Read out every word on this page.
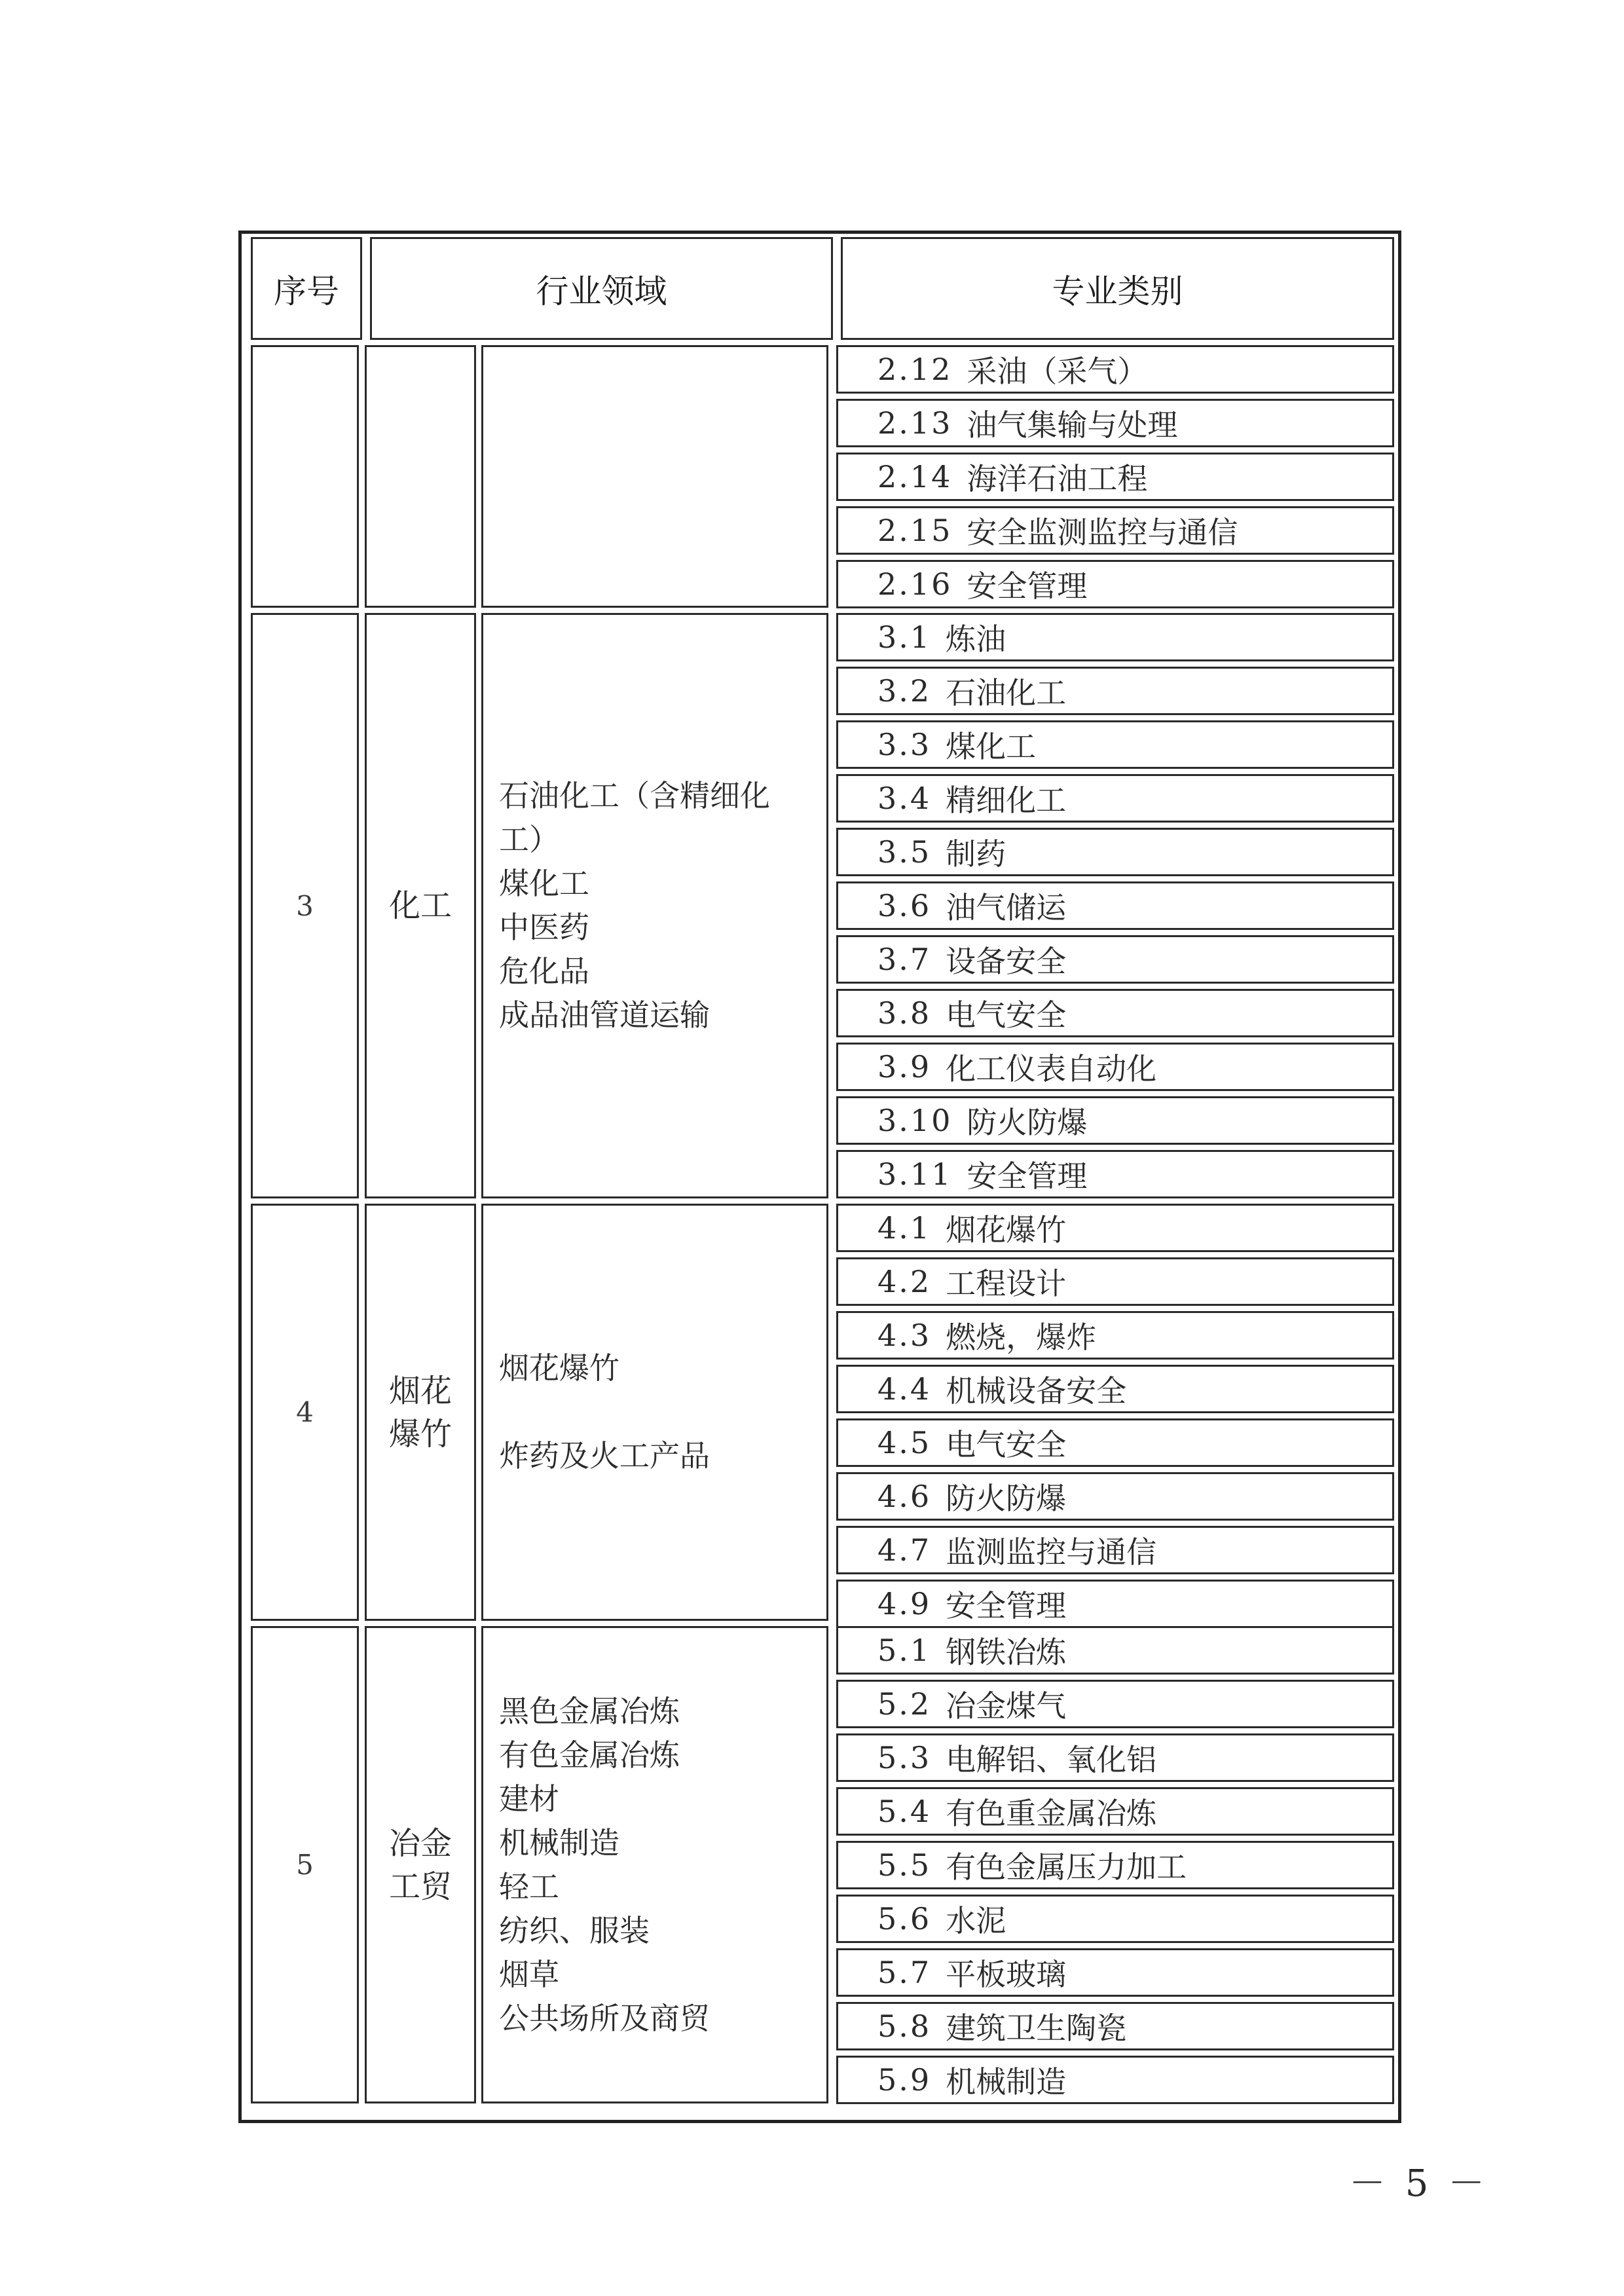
序号	行业领域	专业类别
2.12 采油（采气）
2.13 油气集输与处理
2.14 海洋石油工程
2.15 安全监测监控与通信
2.16 安全管理
3 化工
石油化工（含精细化
工）
煤化工
中医药
危化品
成品油管道运输
3.1 炼油
3.2 石油化工
3.3 煤化工
3.4 精细化工
3.5 制药
3.6 油气储运
3.7 设备安全
3.8 电气安全
3.9 化工仪表自动化
3.10 防火防爆
3.11 安全管理
4
烟花
爆竹
烟花爆竹

炸药及火工产品
4.1 烟花爆竹
4.2 工程设计
4.3 燃烧，爆炸
4.4 机械设备安全
4.5 电气安全
4.6 防火防爆
4.7 监测监控与通信
4.9 安全管理
5
冶金
工贸
黑色金属冶炼
有色金属冶炼
建材
机械制造
轻工
纺织、服装
烟草
公共场所及商贸
5.1 钢铁冶炼
5.2 冶金煤气
5.3 电解铝、氧化铝
5.4 有色重金属冶炼
5.5 有色金属压力加工
5.6 水泥
5.7 平板玻璃
5.8 建筑卫生陶瓷
5.9 机械制造
－ 5 －
